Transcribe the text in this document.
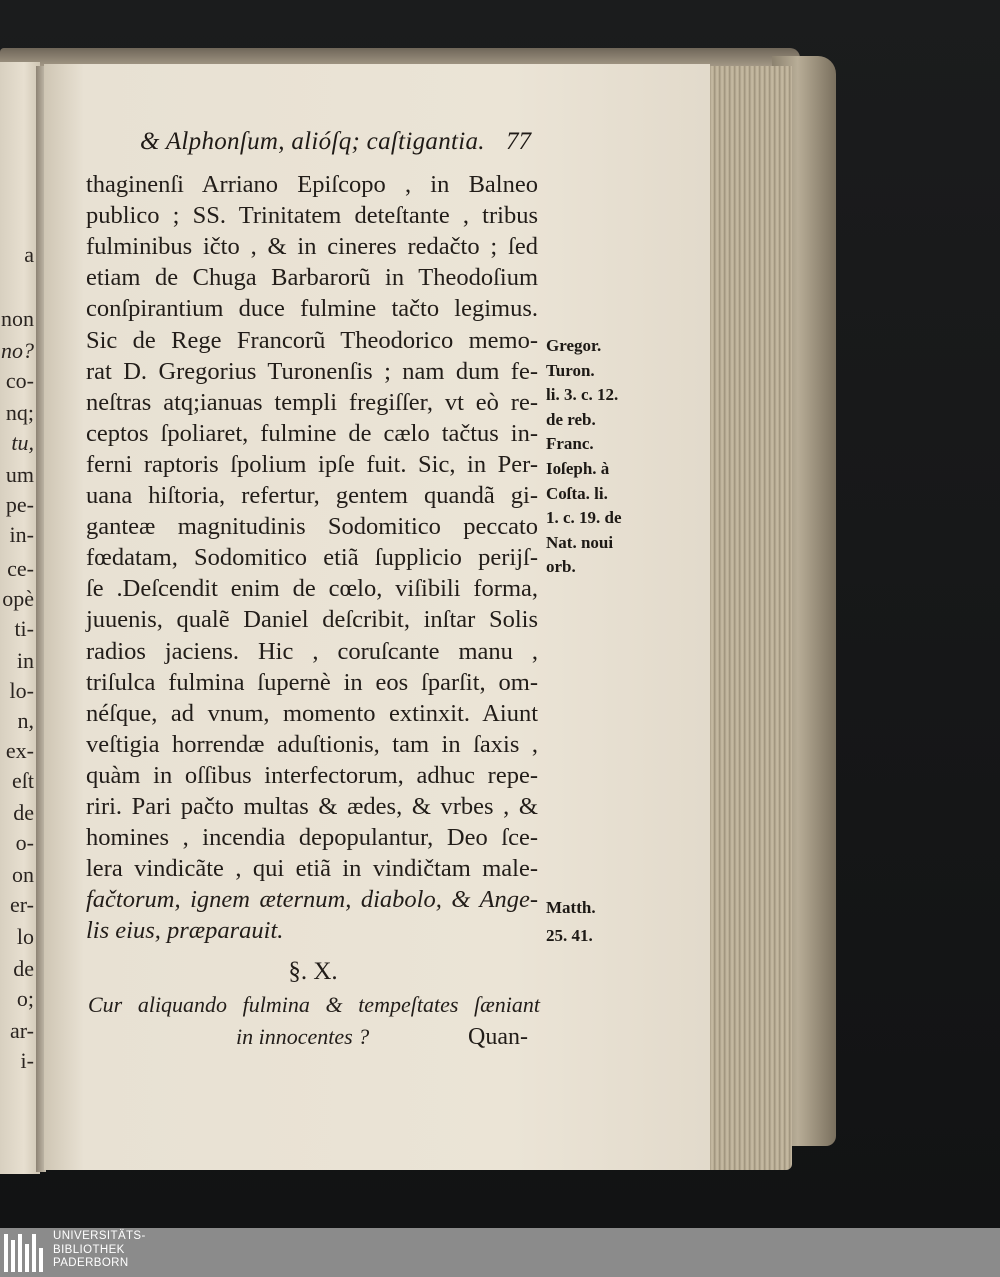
a
non
no?
co-
nq;
tu,
um
pe-
in-
ce-
opè
ti-
in
lo-
n,
ex-
eſt
de
o-
on
er-
lo
de
o;
ar-
i-
& Alphonſum, alióſq; caſtigantia. 77
thaginenſi Arriano Epiſcopo , in Balneo
publico ; SS. Trinitatem deteſtante , tribus
fulminibus ičto , & in cineres redačto ; ſed
etiam de Chuga Barbarorũ in Theodoſium
conſpirantium duce fulmine tačto legimus.
Sic de Rege Francorũ Theodorico memo-
rat D. Gregorius Turonenſis ; nam dum fe-
neſtras atq;ianuas templi fregiſſer, vt eò re-
ceptos ſpoliaret, fulmine de cælo tačtus in-
ferni raptoris ſpolium ipſe fuit. Sic, in Per-
uana hiſtoria, refertur, gentem quandã gi-
ganteæ magnitudinis Sodomitico peccato
fœdatam, Sodomitico etiã ſupplicio perijſ-
ſe .Deſcendit enim de cœlo, viſibili forma,
juuenis, qualẽ Daniel deſcribit, inſtar Solis
radios jaciens. Hic , coruſcante manu ,
triſulca fulmina ſupernè in eos ſparſit, om-
néſque, ad vnum, momento extinxit. Aiunt
veſtigia horrendæ aduſtionis, tam in ſaxis ,
quàm in oſſibus interfectorum, adhuc repe-
riri. Pari pačto multas & ædes, & vrbes , &
homines , incendia depopulantur, Deo ſce-
lera vindicãte , qui etiã in vindičtam male-
fačtorum, ignem æternum, diabolo, & Ange-
lis eius, præparauit.
Gregor.
Turon.
li. 3. c. 12.
de reb.
Franc.
Ioſeph. à
Coſta. li.
1. c. 19. de
Nat. noui
orb.
Matth.
25. 41.
§. X.
Cur aliquando fulmina & tempeſtates ſæniant
in innocentes ?	Quan-
UNIVERSITÄTS-
BIBLIOTHEK
PADERBORN
